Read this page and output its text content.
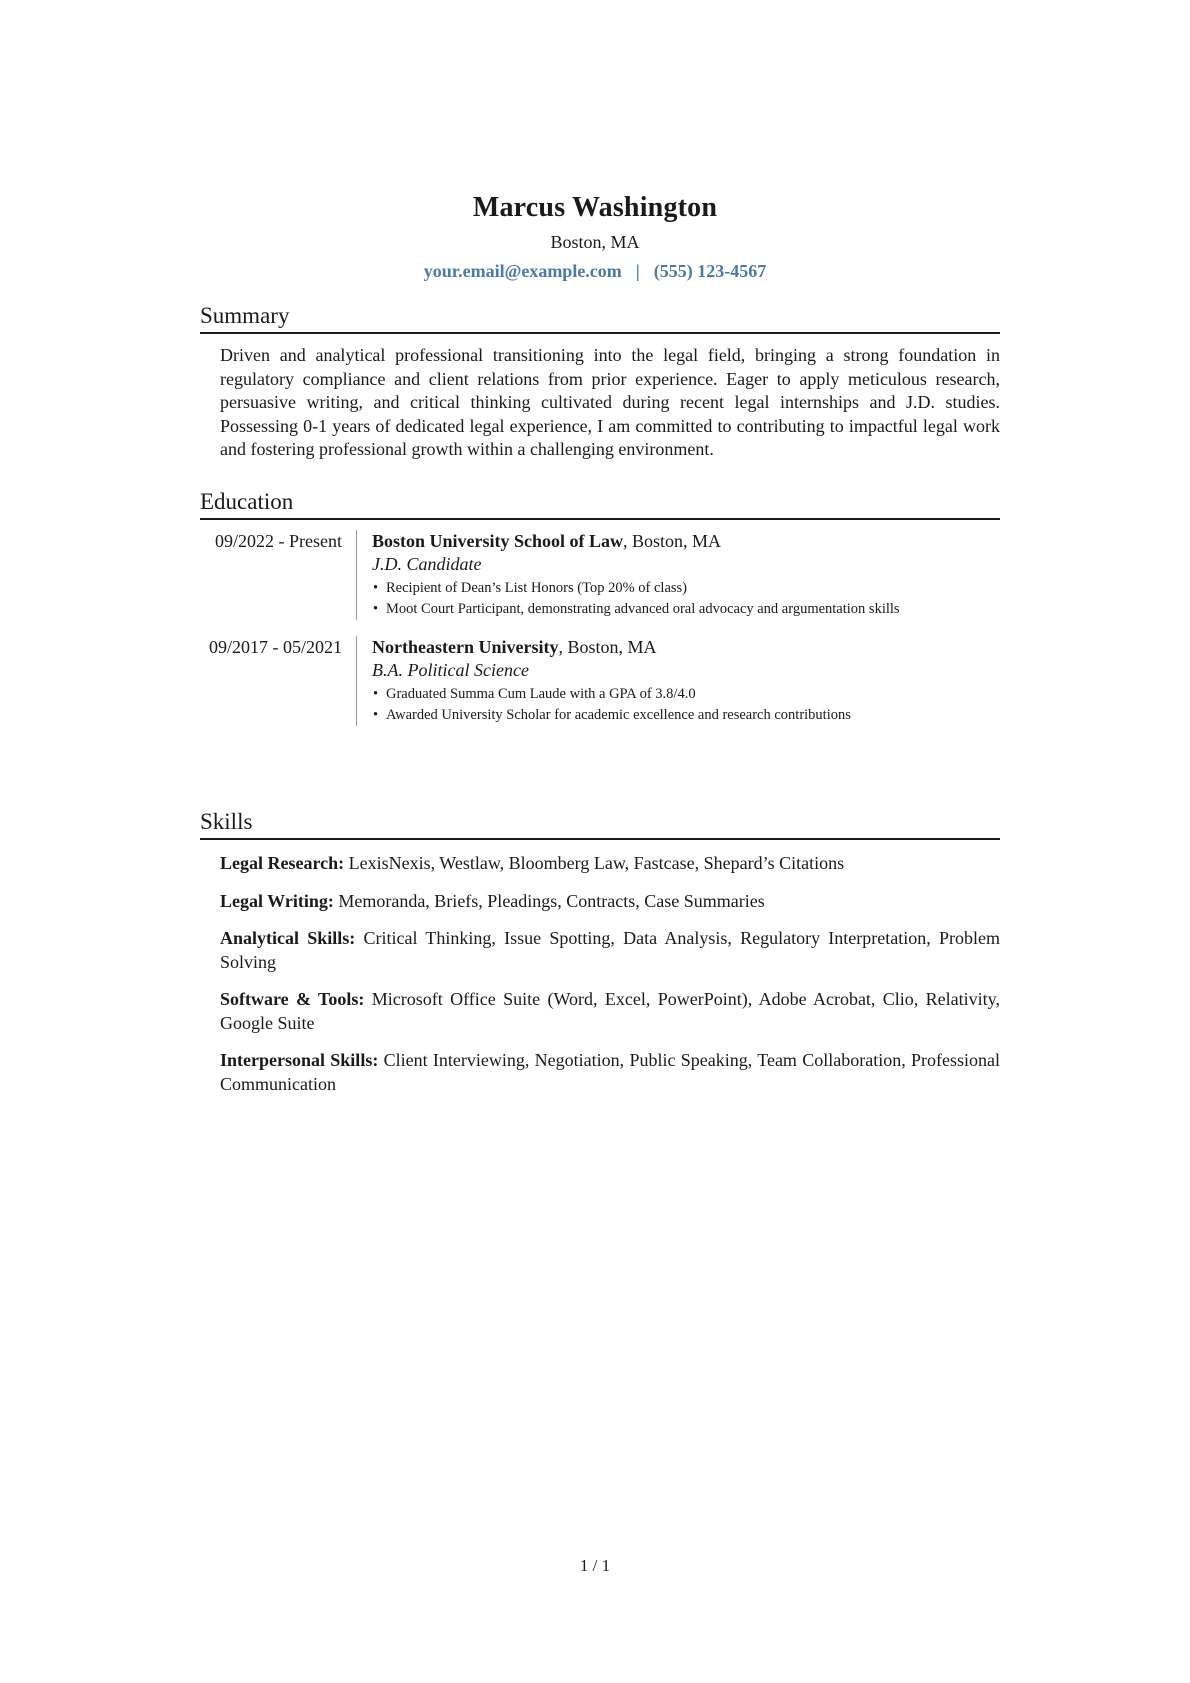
Marcus Washington
Boston, MA
your.email@example.com | (555) 123-4567
Summary
Driven and analytical professional transitioning into the legal field, bringing a strong foundation in regulatory compliance and client relations from prior experience. Eager to apply meticulous research, persuasive writing, and critical thinking cultivated during recent legal internships and J.D. studies. Possessing 0-1 years of dedicated legal experience, I am committed to contributing to impactful legal work and fostering professional growth within a challenging environment.
Education
09/2022 - Present	Boston University School of Law, Boston, MA
J.D. Candidate
• Recipient of Dean’s List Honors (Top 20% of class)
• Moot Court Participant, demonstrating advanced oral advocacy and argumentation skills
09/2017 - 05/2021	Northeastern University, Boston, MA
B.A. Political Science
• Graduated Summa Cum Laude with a GPA of 3.8/4.0
• Awarded University Scholar for academic excellence and research contributions
Skills
Legal Research: LexisNexis, Westlaw, Bloomberg Law, Fastcase, Shepard’s Citations
Legal Writing: Memoranda, Briefs, Pleadings, Contracts, Case Summaries
Analytical Skills: Critical Thinking, Issue Spotting, Data Analysis, Regulatory Interpretation, Problem Solving
Software & Tools: Microsoft Office Suite (Word, Excel, PowerPoint), Adobe Acrobat, Clio, Relativity, Google Suite
Interpersonal Skills: Client Interviewing, Negotiation, Public Speaking, Team Collaboration, Professional Communication
1 / 1
